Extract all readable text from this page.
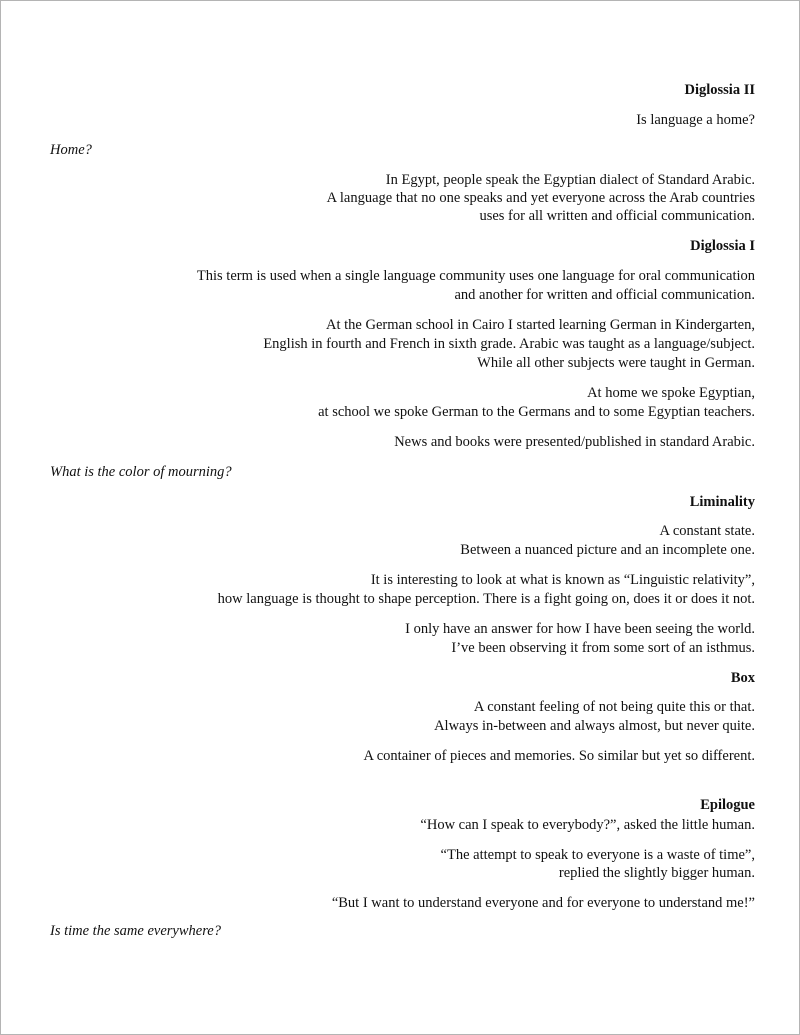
Diglossia II
Is language a home?
Home?
In Egypt, people speak the Egyptian dialect of Standard Arabic.
A language that no one speaks and yet everyone across the Arab countries
uses for all written and official communication.
Diglossia I
This term is used when a single language community uses one language for oral communication
and another for written and official communication.
At the German school in Cairo I started learning German in Kindergarten,
English in fourth and French in sixth grade. Arabic was taught as a language/subject.
While all other subjects were taught in German.
At home we spoke Egyptian,
at school we spoke German to the Germans and to some Egyptian teachers.
News and books were presented/published in standard Arabic.
What is the color of mourning?
Liminality
A constant state.
Between a nuanced picture and an incomplete one.
It is interesting to look at what is known as “Linguistic relativity”,
how language is thought to shape perception. There is a fight going on, does it or does it not.
I only have an answer for how I have been seeing the world.
I’ve been observing it from some sort of an isthmus.
Box
A constant feeling of not being quite this or that.
Always in-between and always almost, but never quite.
A container of pieces and memories. So similar but yet so different.
Epilogue
“How can I speak to everybody?”, asked the little human.
“The attempt to speak to everyone is a waste of time”,
replied the slightly bigger human.
“But I want to understand everyone and for everyone to understand me!”
Is time the same everywhere?
